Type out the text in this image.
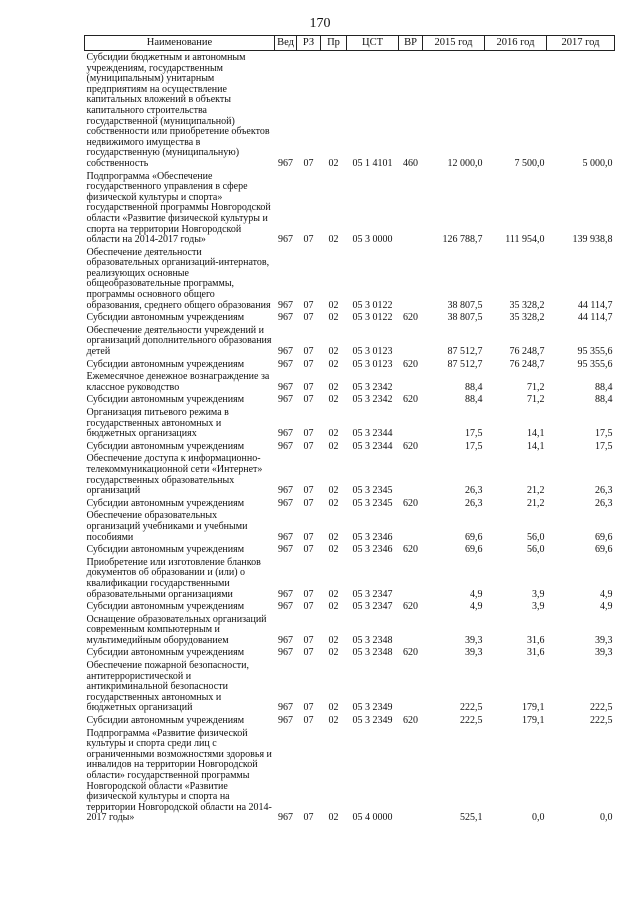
170
Наименование	Вед	РЗ	Пр	ЦСТ	ВР	2015 год	2016 год	2017 год
Субсидии бюджетным и автономным учреждениям, государственным (муниципальным) унитарным предприятиям на осуществление капитальных вложений в объекты капитального строительства государственной (муниципальной) собственности или приобретение объектов недвижимого имущества в государственную (муниципальную) собственность	967	07	02	05 1 4101	460	12 000,0	7 500,0	5 000,0
Подпрограмма «Обеспечение государственного управления в сфере физической культуры и спорта» государственной программы Новгородской области «Развитие физической культуры и спорта на территории Новгородской области на 2014-2017 годы»	967	07	02	05 3 0000		126 788,7	111 954,0	139 938,8
Обеспечение деятельности образовательных организаций-интернатов, реализующих основные общеобразовательные программы, программы основного общего образования, среднего общего образования	967	07	02	05 3 0122		38 807,5	35 328,2	44 114,7
Субсидии автономным учреждениям	967	07	02	05 3 0122	620	38 807,5	35 328,2	44 114,7
Обеспечение деятельности учреждений и организаций дополнительного образования детей	967	07	02	05 3 0123		87 512,7	76 248,7	95 355,6
Субсидии автономным учреждениям	967	07	02	05 3 0123	620	87 512,7	76 248,7	95 355,6
Ежемесячное денежное вознаграждение за классное руководство	967	07	02	05 3 2342		88,4	71,2	88,4
Субсидии автономным учреждениям	967	07	02	05 3 2342	620	88,4	71,2	88,4
Организация питьевого режима в государственных автономных и бюджетных организациях	967	07	02	05 3 2344		17,5	14,1	17,5
Субсидии автономным учреждениям	967	07	02	05 3 2344	620	17,5	14,1	17,5
Обеспечение доступа к информационно-телекоммуникационной сети «Интернет» государственных образовательных организаций	967	07	02	05 3 2345		26,3	21,2	26,3
Субсидии автономным учреждениям	967	07	02	05 3 2345	620	26,3	21,2	26,3
Обеспечение образовательных организаций учебниками и учебными пособиями	967	07	02	05 3 2346		69,6	56,0	69,6
Субсидии автономным учреждениям	967	07	02	05 3 2346	620	69,6	56,0	69,6
Приобретение или изготовление бланков документов об образовании и (или) о квалификации государственными образовательными организациями	967	07	02	05 3 2347		4,9	3,9	4,9
Субсидии автономным учреждениям	967	07	02	05 3 2347	620	4,9	3,9	4,9
Оснащение образовательных организаций современным компьютерным и мультимедийным оборудованием	967	07	02	05 3 2348		39,3	31,6	39,3
Субсидии автономным учреждениям	967	07	02	05 3 2348	620	39,3	31,6	39,3
Обеспечение пожарной безопасности, антитеррористической и антикриминальной безопасности государственных автономных и бюджетных организаций	967	07	02	05 3 2349		222,5	179,1	222,5
Субсидии автономным учреждениям	967	07	02	05 3 2349	620	222,5	179,1	222,5
Подпрограмма «Развитие физической культуры и спорта среди лиц с ограниченными возможностями здоровья и инвалидов на территории Новгородской области» государственной программы Новгородской области «Развитие физической культуры и спорта на территории Новгородской области на 2014-2017 годы»	967	07	02	05 4 0000		525,1	0,0	0,0
